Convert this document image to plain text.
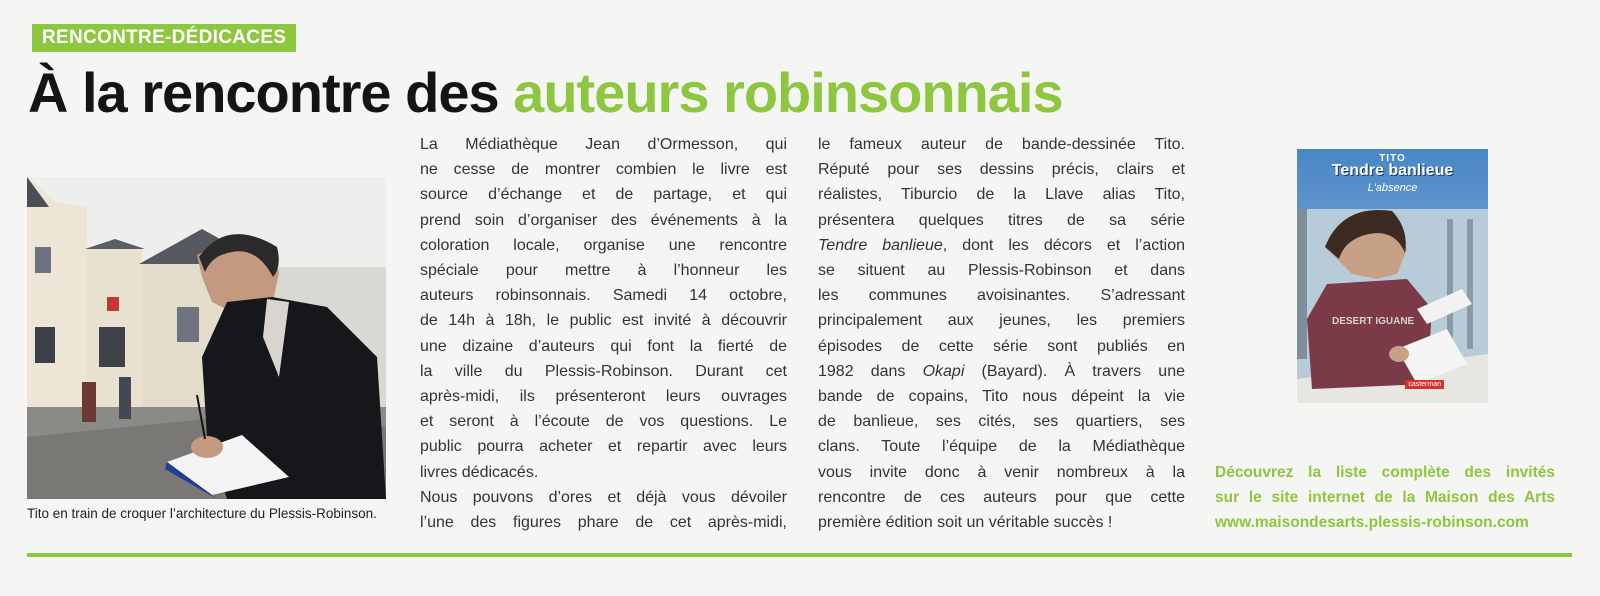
RENCONTRE-DÉDICACES
À la rencontre des auteurs robinsonnais
Tito en train de croquer l’architecture du Plessis-Robinson.

La Médiathèque Jean d’Ormesson, qui

ne cesse de montrer combien le livre est

source d’échange et de partage, et qui

prend soin d’organiser des événements à la

coloration locale, organise une rencontre

spéciale pour mettre à l’honneur les

auteurs robinsonnais. Samedi 14 octobre,

de 14h à 18h, le public est invité à découvrir

une dizaine d’auteurs qui font la fierté de

la ville du Plessis-Robinson. Durant cet

après-midi, ils présenteront leurs ouvrages

et seront à l’écoute de vos questions. Le

public pourra acheter et repartir avec leurs

livres dédicacés.

Nous pouvons d’ores et déjà vous dévoiler

l’une des figures phare de cet après-midi,

le fameux auteur de bande-dessinée Tito.

Réputé pour ses dessins précis, clairs et

réalistes, Tiburcio de la Llave alias Tito,

présentera quelques titres de sa série

Tendre banlieue, dont les décors et l’action

se situent au Plessis-Robinson et dans

les communes avoisinantes. S’adressant

principalement aux jeunes, les premiers

épisodes de cette série sont publiés en

1982 dans Okapi (Bayard). À travers une

bande de copains, Tito nous dépeint la vie

de banlieue, ses cités, ses quartiers, ses

clans. Toute l’équipe de la Médiathèque

vous invite donc à venir nombreux à la

rencontre de ces auteurs pour que cette

première édition soit un véritable succès !

DESERT IGUANE
TITO
Tendre banlieue
L'absence
casterman
Découvrez la liste complète des invités
sur le site internet de la Maison des Arts
www.maisondesarts.plessis-robinson.com
